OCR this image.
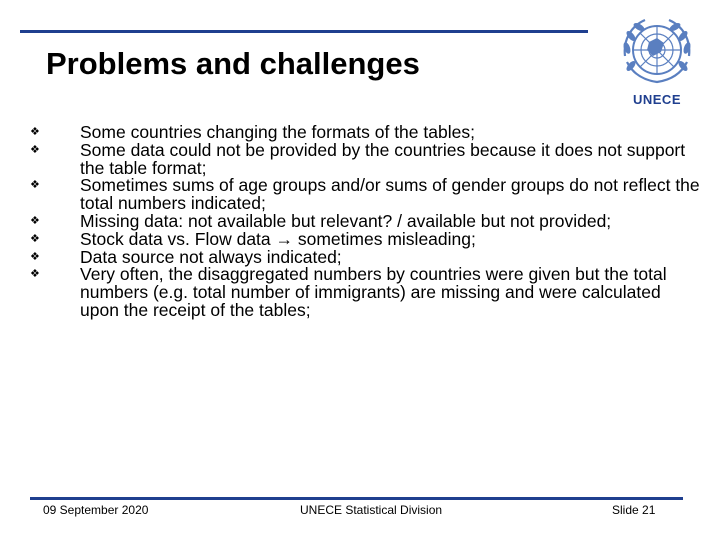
Problems and challenges
UNECE
❖ Some countries changing the formats of the tables;
❖ Some data could not be provided by the countries because it does not support the table format;
❖ Sometimes sums of age groups and/or sums of gender groups do not reflect the total numbers indicated;
❖ Missing data: not available but relevant? / available but not provided;
❖ Stock data vs. Flow data → sometimes misleading;
❖ Data source not always indicated;
❖ Very often, the disaggregated numbers by countries were given but the total numbers (e.g. total number of immigrants) are missing and were calculated upon the receipt of the tables;
09 September 2020	UNECE Statistical Division	Slide 21
